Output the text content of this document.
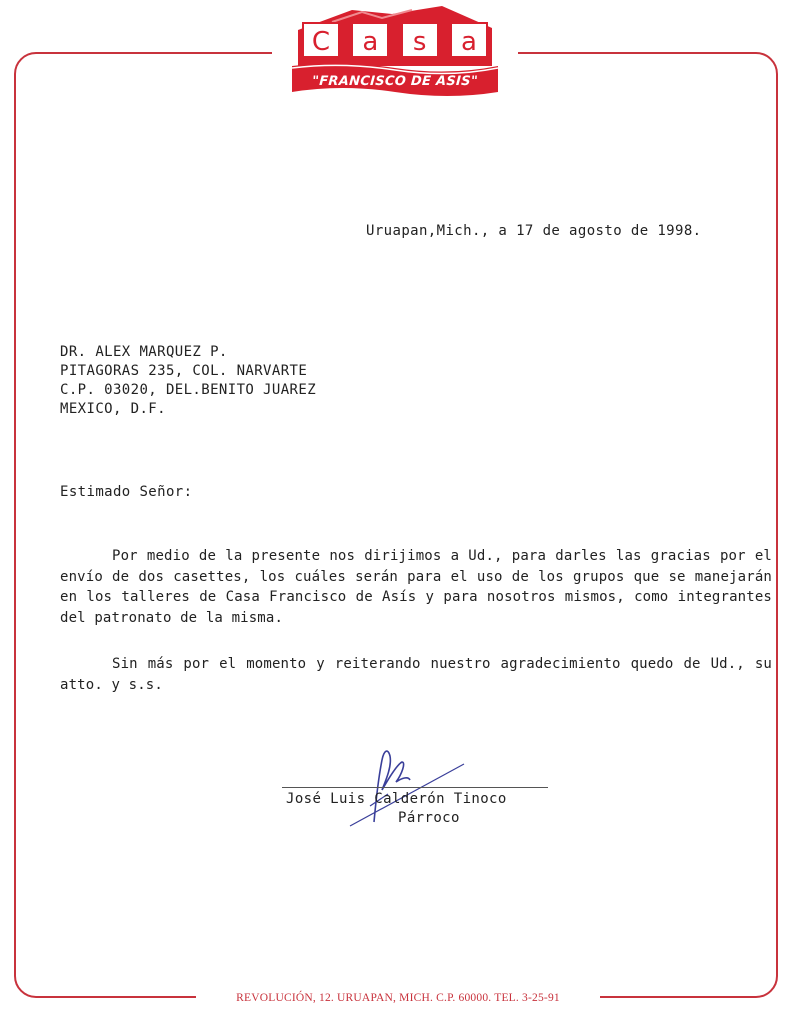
C	a	s	a
"FRANCISCO DE ASIS"
Uruapan,Mich., a 17 de agosto de 1998.
DR. ALEX MARQUEZ P.
PITAGORAS 235, COL. NARVARTE
C.P. 03020, DEL.BENITO JUAREZ
MEXICO, D.F.
Estimado Señor:
Por medio de la presente nos dirijimos a Ud., para darles las gracias por el envío de dos casettes, los cuáles serán para el uso de los grupos que se manejarán en los talleres de Casa Francisco de Asís y para nosotros mismos, como integrantes del patronato de la misma.
Sin más por el momento y reiterando nuestro agradecimiento quedo de Ud., su atto. y s.s.
José Luis Calderón Tinoco
Párroco
REVOLUCIÓN, 12. URUAPAN, MICH. C.P. 60000. TEL. 3-25-91
